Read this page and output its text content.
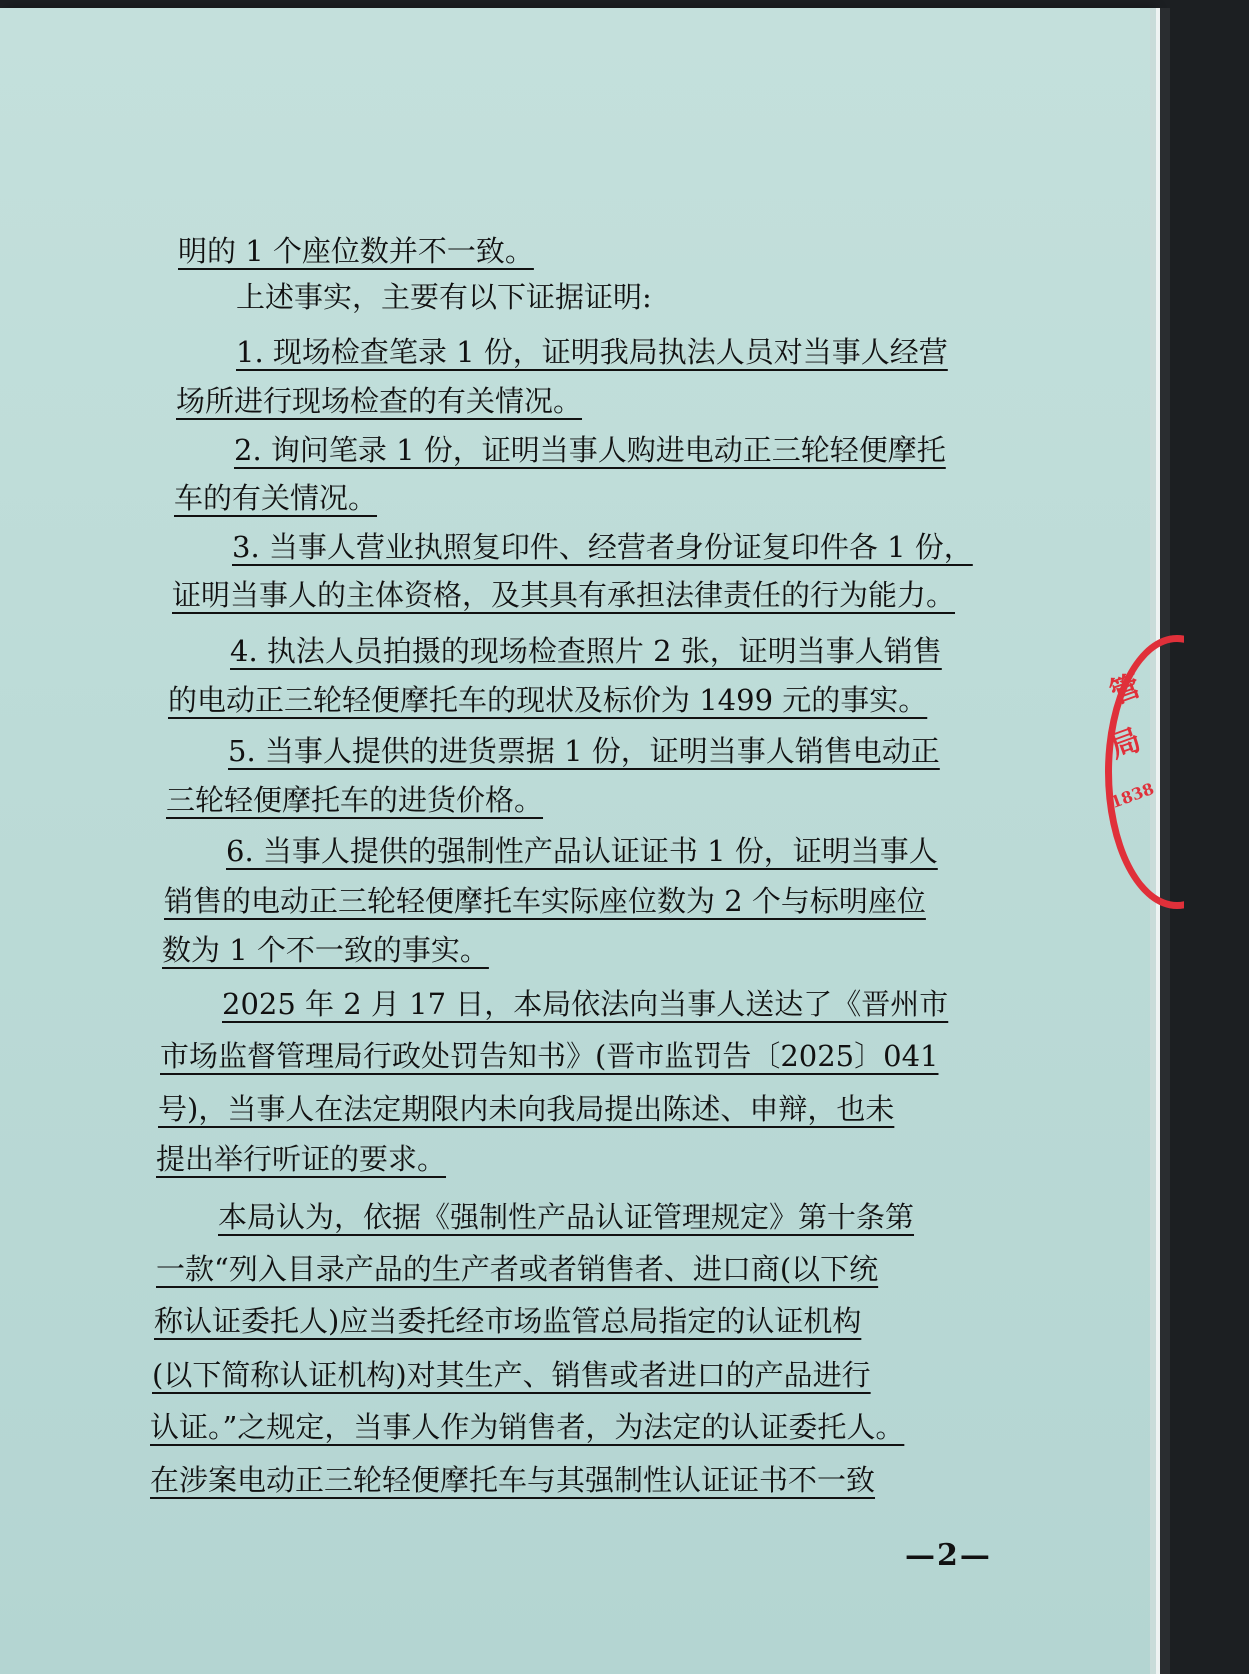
明的 1 个座位数并不一致。

上述事实，主要有以下证据证明:

1. 现场检查笔录 1 份，证明我局执法人员对当事人经营

场所进行现场检查的有关情况。

2. 询问笔录 1 份，证明当事人购进电动正三轮轻便摩托

车的有关情况。

3. 当事人营业执照复印件、经营者身份证复印件各 1 份，

证明当事人的主体资格，及其具有承担法律责任的行为能力。

4. 执法人员拍摄的现场检查照片 2 张，证明当事人销售

的电动正三轮轻便摩托车的现状及标价为 1499 元的事实。

5. 当事人提供的进货票据 1 份，证明当事人销售电动正

三轮轻便摩托车的进货价格。

6. 当事人提供的强制性产品认证证书 1 份，证明当事人

销售的电动正三轮轻便摩托车实际座位数为 2 个与标明座位

数为 1 个不一致的事实。

2025 年 2 月 17 日，本局依法向当事人送达了《晋州市

市场监督管理局行政处罚告知书》(晋市监罚告〔2025〕041

号)，当事人在法定期限内未向我局提出陈述、申辩，也未

提出举行听证的要求。

本局认为，依据《强制性产品认证管理规定》第十条第

一款“列入目录产品的生产者或者销售者、进口商(以下统

称认证委托人)应当委托经市场监管总局指定的认证机构

(以下简称认证机构)对其生产、销售或者进口的产品进行

认证。”之规定，当事人作为销售者，为法定的认证委托人。

在涉案电动正三轮轻便摩托车与其强制性认证证书不一致

—2—
管
局
1838
